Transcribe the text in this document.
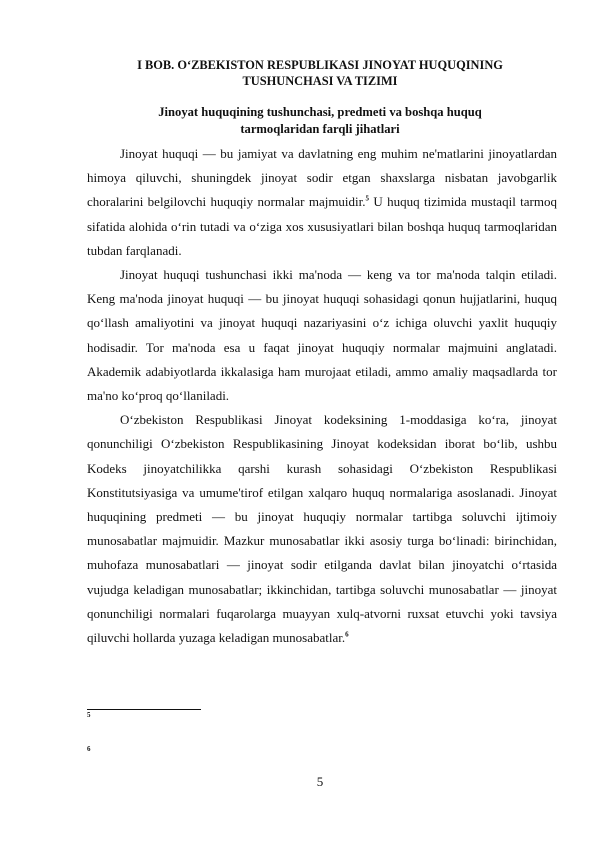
I BOB. O‘ZBEKISTON RESPUBLIKASI JINOYAT HUQUQINING TUSHUNCHASI VA TIZIMI
Jinoyat huquqining tushunchasi, predmeti va boshqa huquq tarmoqlaridan farqli jihatlari

Jinoyat huquqi — bu jamiyat va davlatning eng muhim ne'matlarini jinoyatlardan himoya qiluvchi, shuningdek jinoyat sodir etgan shaxslarga nisbatan javobgarlik choralarini belgilovchi huquqiy normalar majmuidir.$^5$ U huquq tizimida mustaqil tarmoq sifatida alohida o‘rin tutadi va o‘ziga xos xususiyatlari bilan boshqa huquq tarmoqlaridan tubdan farqlanadi.

Jinoyat huquqi tushunchasi ikki ma'noda — keng va tor ma'noda talqin etiladi. Keng ma'noda jinoyat huquqi — bu jinoyat huquqi sohasidagi qonun hujjatlarini, huquq qo‘llash amaliyotini va jinoyat huquqi nazariyasini o‘z ichiga oluvchi yaxlit huquqiy hodisadir. Tor ma'noda esa u faqat jinoyat huquqiy normalar majmuini anglatadi. Akademik adabiyotlarda ikkalasiga ham murojaat etiladi, ammo amaliy maqsadlarda tor ma'no ko‘proq qo‘llaniladi.

O‘zbekiston Respublikasi Jinoyat kodeksining 1-moddasiga ko‘ra, jinoyat qonunchiligi O‘zbekiston Respublikasining Jinoyat kodeksidan iborat bo‘lib, ushbu Kodeks jinoyatchilikka qarshi kurash sohasidagi O‘zbekiston Respublikasi Konstitutsiyasiga va umume'tirof etilgan xalqaro huquq normalariga asoslanadi. Jinoyat huquqining predmeti — bu jinoyat huquqiy normalar tartibga soluvchi ijtimoiy munosabatlar majmuidir. Mazkur munosabatlar ikki asosiy turga bo‘linadi: birinchidan, muhofaza munosabatlari — jinoyat sodir etilganda davlat bilan jinoyatchi o‘rtasida vujudga keladigan munosabatlar; ikkinchidan, tartibga soluvchi munosabatlar — jinoyat qonunchiligi normalari fuqarolarga muayyan xulq-atvorni ruxsat etuvchi yoki tavsiya qiluvchi hollarda yuzaga keladigan munosabatlar.$^6$

5
6
5
